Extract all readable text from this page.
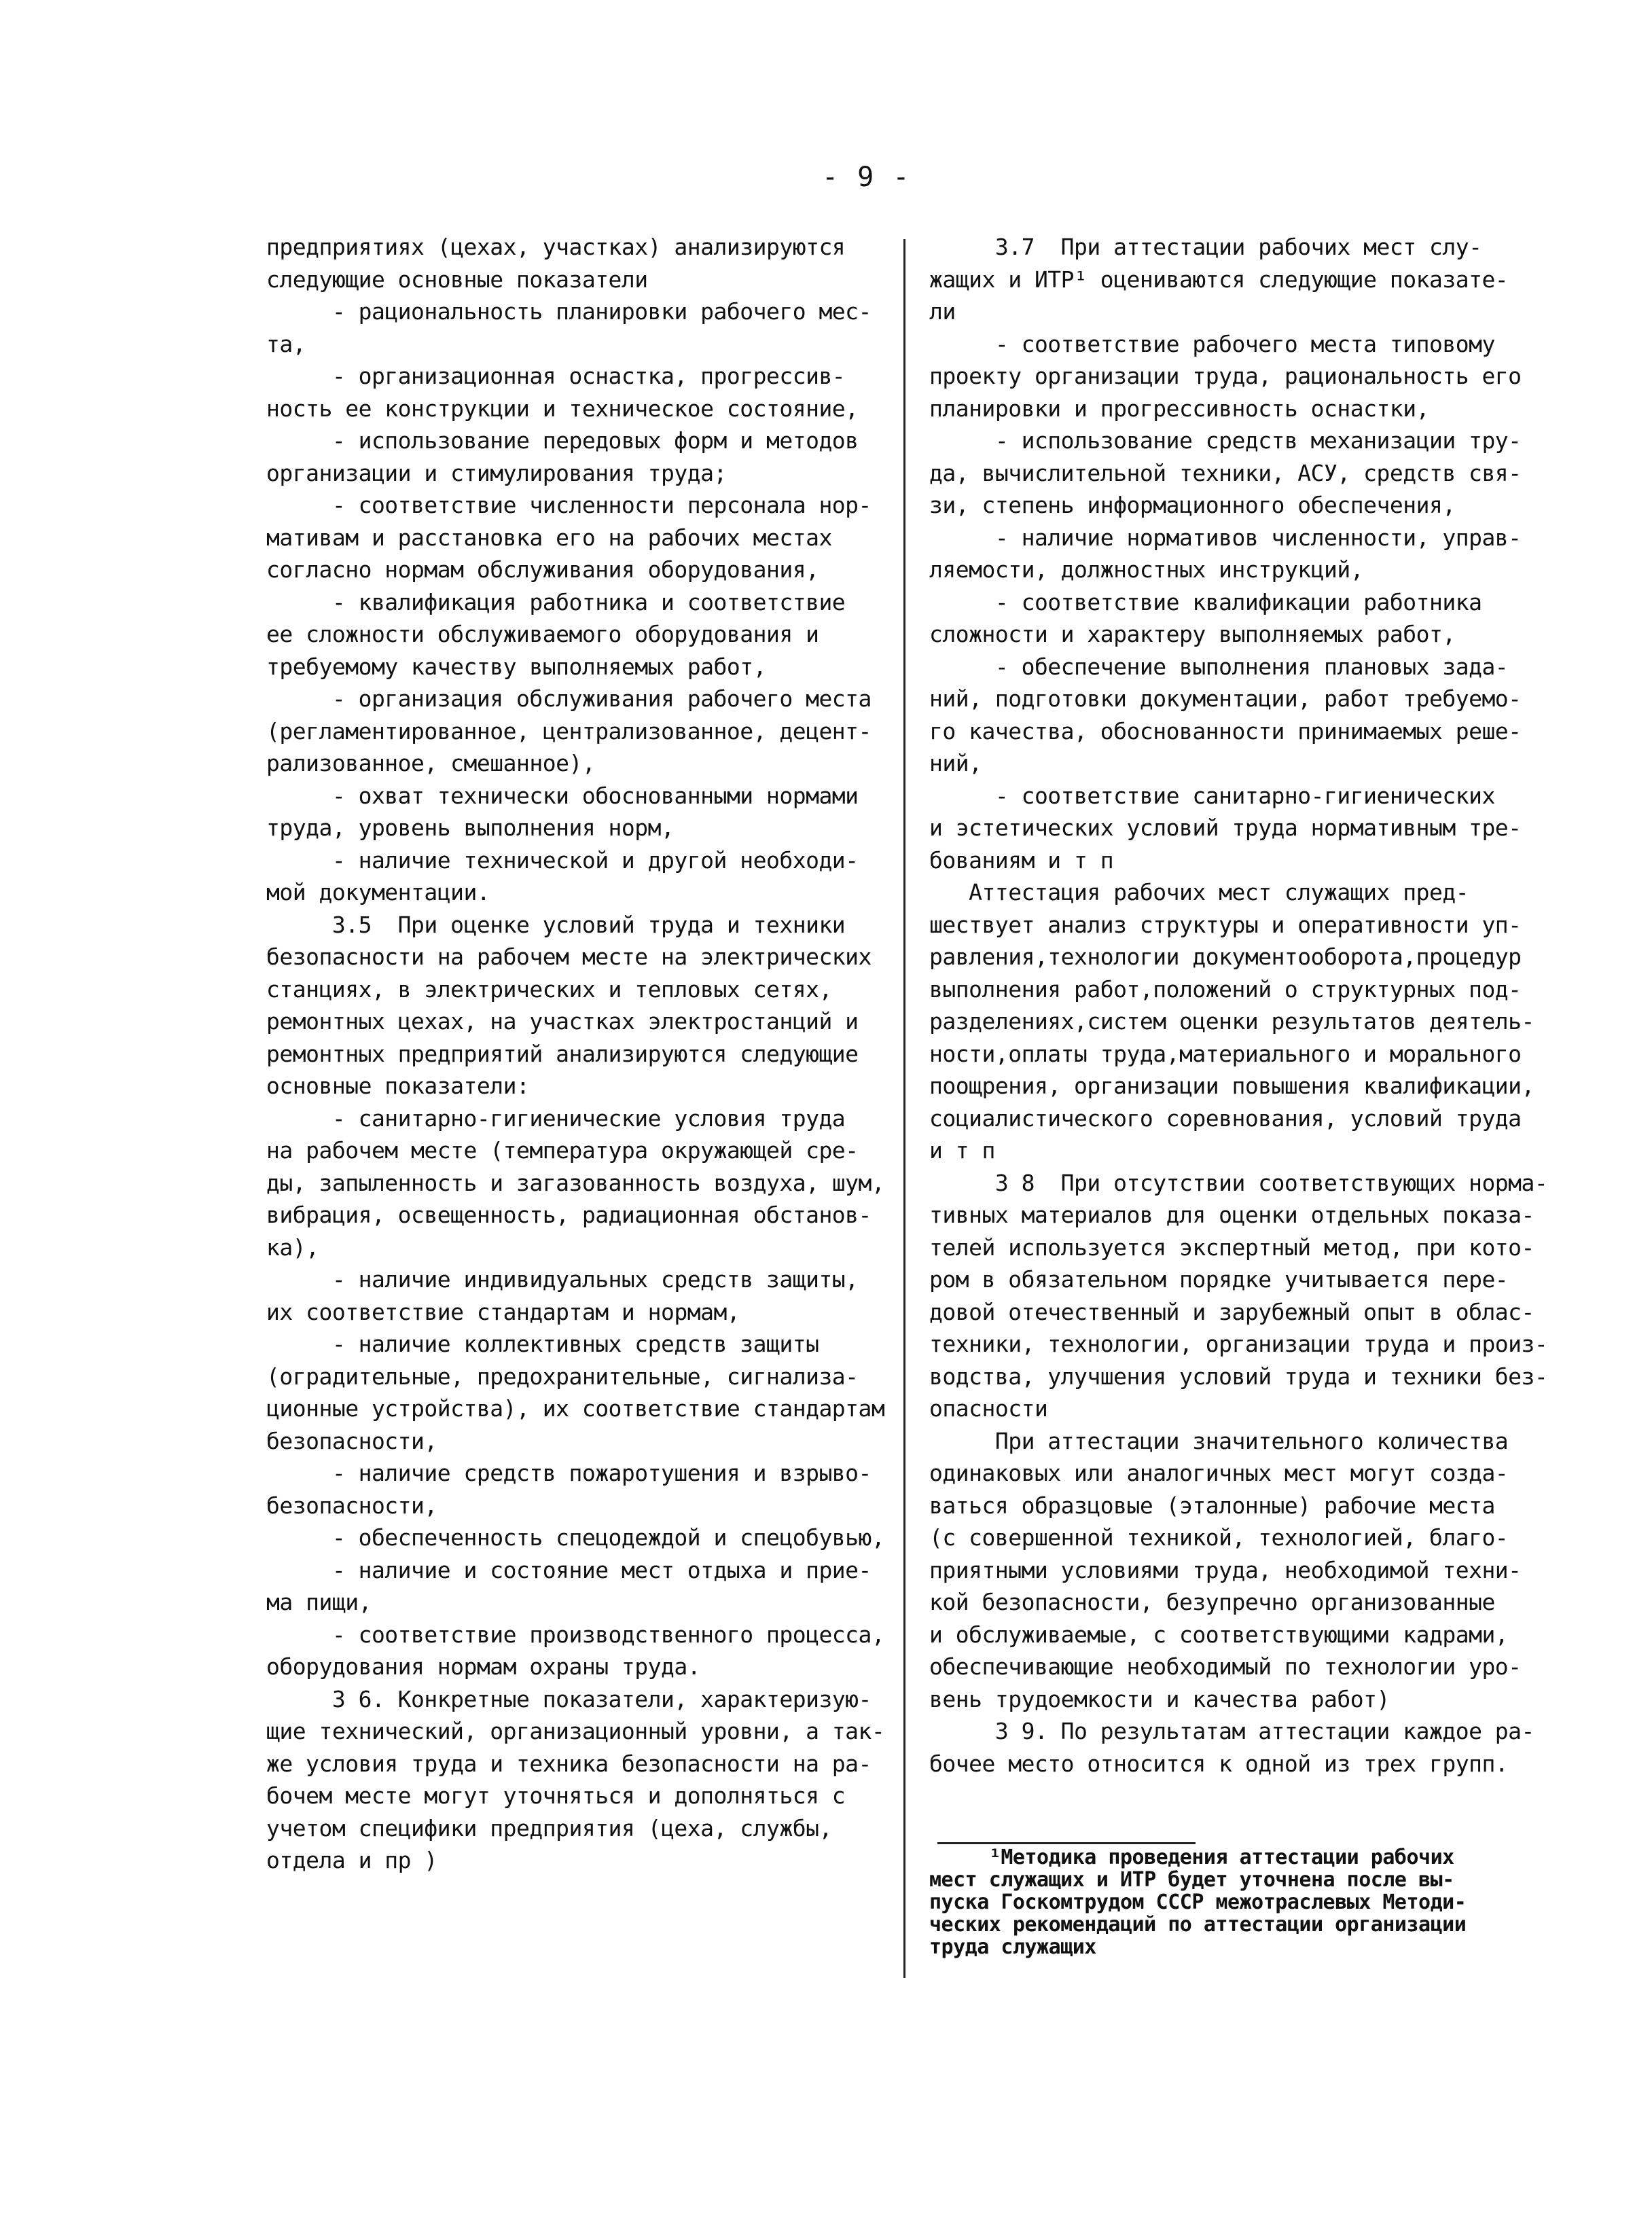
- 9 -
предприятиях (цехах, участках) анализируются
следующие основные показатели
- рациональность планировки рабочего мес-
та,
- организационная оснастка, прогрессив-
ность ее конструкции и техническое состояние,
- использование передовых форм и методов
организации и стимулирования труда;
- соответствие численности персонала нор-
мативам и расстановка его на рабочих местах
согласно нормам обслуживания оборудования,
- квалификация работника и соответствие
ее сложности обслуживаемого оборудования и
требуемому качеству выполняемых работ,
- организация обслуживания рабочего места
(регламентированное, централизованное, децент-
рализованное, смешанное),
- охват технически обоснованными нормами
труда, уровень выполнения норм,
- наличие технической и другой необходи-
мой документации.
3.5  При оценке условий труда и техники
безопасности на рабочем месте на электрических
станциях, в электрических и тепловых сетях,
ремонтных цехах, на участках электростанций и
ремонтных предприятий анализируются следующие
основные показатели:
- санитарно-гигиенические условия труда
на рабочем месте (температура окружающей сре-
ды, запыленность и загазованность воздуха, шум,
вибрация, освещенность, радиационная обстанов-
ка),
- наличие индивидуальных средств защиты,
их соответствие стандартам и нормам,
- наличие коллективных средств защиты
(оградительные, предохранительные, сигнализа-
ционные устройства), их соответствие стандартам
безопасности,
- наличие средств пожаротушения и взрыво-
безопасности,
- обеспеченность спецодеждой и спецобувью,
- наличие и состояние мест отдыха и прие-
ма пищи,
- соответствие производственного процесса,
оборудования нормам охраны труда.
3 6. Конкретные показатели, характеризую-
щие технический, организационный уровни, а так-
же условия труда и техника безопасности на ра-
бочем месте могут уточняться и дополняться с
учетом специфики предприятия (цеха, службы,
отдела и пр )
3.7  При аттестации рабочих мест слу-
жащих и ИТР¹ оцениваются следующие показате-
ли
- соответствие рабочего места типовому
проекту организации труда, рациональность его
планировки и прогрессивность оснастки,
- использование средств механизации тру-
да, вычислительной техники, АСУ, средств свя-
зи, степень информационного обеспечения,
- наличие нормативов численности, управ-
ляемости, должностных инструкций,
- соответствие квалификации работника
сложности и характеру выполняемых работ,
- обеспечение выполнения плановых зада-
ний, подготовки документации, работ требуемо-
го качества, обоснованности принимаемых реше-
ний,
- соответствие санитарно-гигиенических
и эстетических условий труда нормативным тре-
бованиям и т п
Аттестация рабочих мест служащих пред-
шествует анализ структуры и оперативности уп-
равления,технологии документооборота,процедур
выполнения работ,положений о структурных под-
разделениях,систем оценки результатов деятель-
ности,оплаты труда,материального и морального
поощрения, организации повышения квалификации,
социалистического соревнования, условий труда
и т п
3 8  При отсутствии соответствующих норма-
тивных материалов для оценки отдельных показа-
телей используется экспертный метод, при кото-
ром в обязательном порядке учитывается пере-
довой отечественный и зарубежный опыт в облас-
техники, технологии, организации труда и произ-
водства, улучшения условий труда и техники без-
опасности
При аттестации значительного количества
одинаковых или аналогичных мест могут созда-
ваться образцовые (эталонные) рабочие места
(с совершенной техникой, технологией, благо-
приятными условиями труда, необходимой техни-
кой безопасности, безупречно организованные
и обслуживаемые, с соответствующими кадрами,
обеспечивающие необходимый по технологии уро-
вень трудоемкости и качества работ)
3 9. По результатам аттестации каждое ра-
бочее место относится к одной из трех групп.
¹Методика проведения аттестации рабочих
мест служащих и ИТР будет уточнена после вы-
пуска Госкомтрудом СССР межотраслевых Методи-
ческих рекомендаций по аттестации организации
труда служащих
